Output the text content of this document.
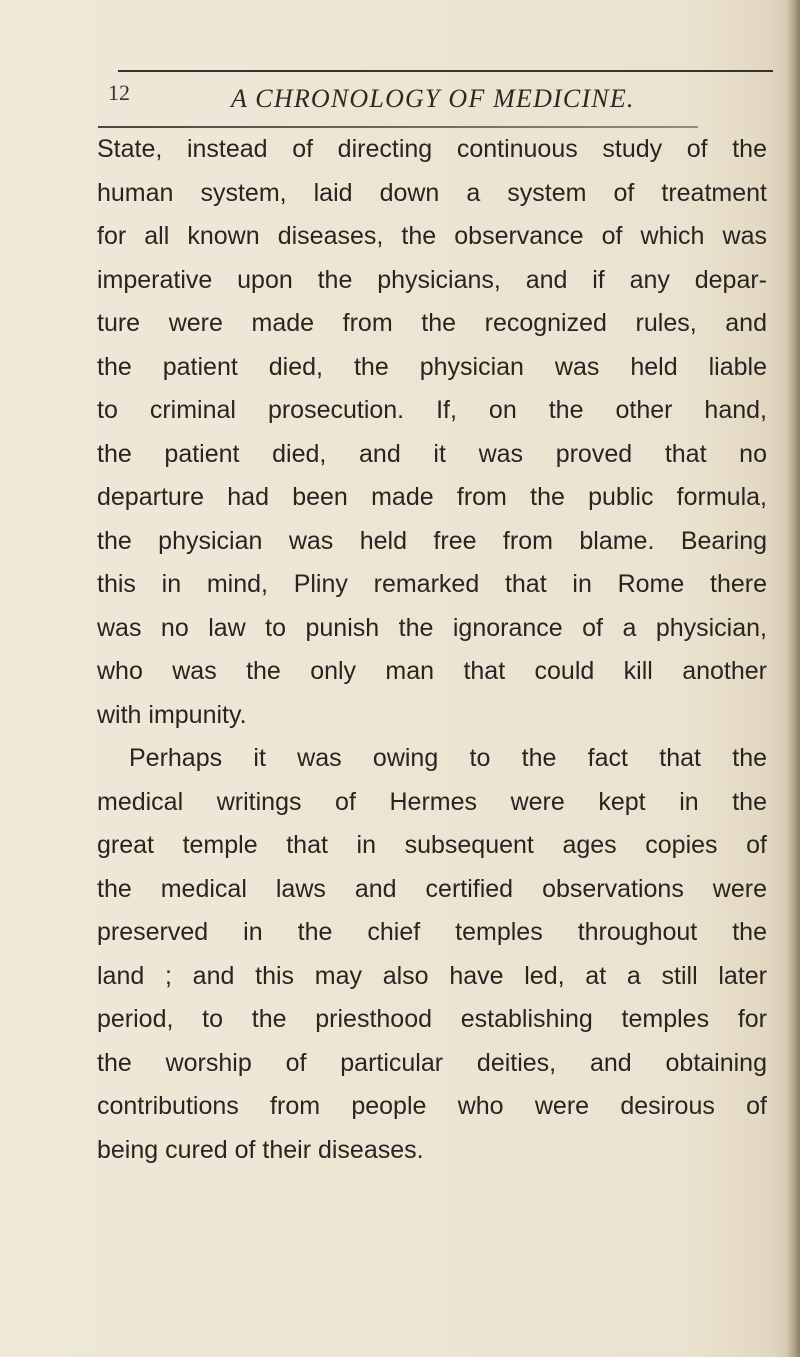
12	A CHRONOLOGY OF MEDICINE.
State, instead of directing continuous study of the
human system, laid down a system of treatment
for all known diseases, the observance of which was
imperative upon the physicians, and if any depar-
ture were made from the recognized rules, and
the patient died, the physician was held liable
to criminal prosecution. If, on the other hand,
the patient died, and it was proved that no
departure had been made from the public formula,
the physician was held free from blame. Bearing
this in mind, Pliny remarked that in Rome there
was no law to punish the ignorance of a physician,
who was the only man that could kill another
with impunity.
Perhaps it was owing to the fact that the
medical writings of Hermes were kept in the
great temple that in subsequent ages copies of
the medical laws and certified observations were
preserved in the chief temples throughout the
land ; and this may also have led, at a still later
period, to the priesthood establishing temples for
the worship of particular deities, and obtaining
contributions from people who were desirous of
being cured of their diseases.
